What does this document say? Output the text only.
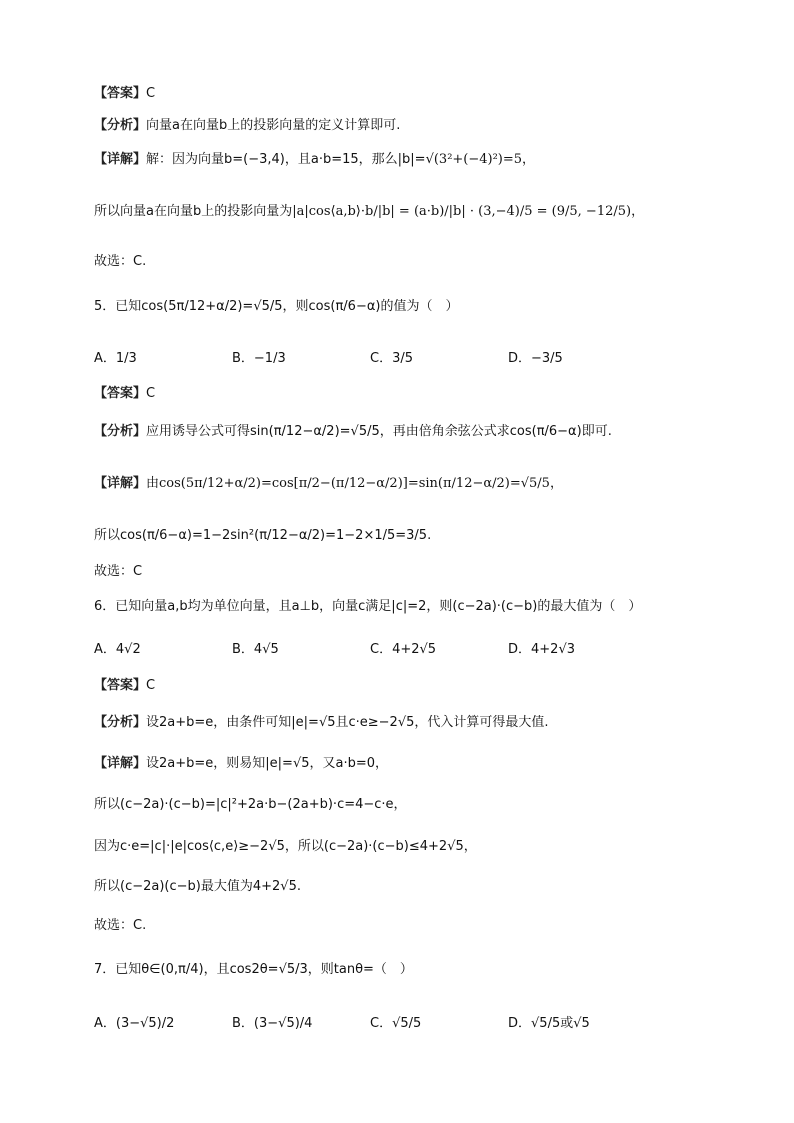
【答案】C
【分析】向量a在向量b上的投影向量的定义计算即可.
【详解】解：因为向量b=(−3,4)，且a·b=15，那么|b|=√(3²+(−4)²)=5，
所以向量a在向量b上的投影向量为|a|cos⟨a,b⟩·b/|b| = (a·b)/|b| · (3,−4)/5 = (9/5, −12/5)，
故选：C.
5．已知cos(5π/12+α/2)=√5/5，则cos(π/6−α)的值为（　）
A．1/3	B．−1/3	C．3/5	D．−3/5
【答案】C
【分析】应用诱导公式可得sin(π/12−α/2)=√5/5，再由倍角余弦公式求cos(π/6−α)即可.
【详解】由cos(5π/12+α/2)=cos[π/2−(π/12−α/2)]=sin(π/12−α/2)=√5/5，
所以cos(π/6−α)=1−2sin²(π/12−α/2)=1−2×1/5=3/5.
故选：C
6．已知向量a,b均为单位向量，且a⊥b，向量c满足|c|=2，则(c−2a)·(c−b)的最大值为（　）
A．4√2	B．4√5	C．4+2√5	D．4+2√3
【答案】C
【分析】设2a+b=e，由条件可知|e|=√5且c·e≥−2√5，代入计算可得最大值.
【详解】设2a+b=e，则易知|e|=√5，又a·b=0，
所以(c−2a)·(c−b)=|c|²+2a·b−(2a+b)·c=4−c·e，
因为c·e=|c|·|e|cos⟨c,e⟩≥−2√5，所以(c−2a)·(c−b)≤4+2√5，
所以(c−2a)(c−b)最大值为4+2√5.
故选：C.
7．已知θ∈(0,π/4)，且cos2θ=√5/3，则tanθ=（　）
A．(3−√5)/2	B．(3−√5)/4	C．√5/5	D．√5/5或√5
